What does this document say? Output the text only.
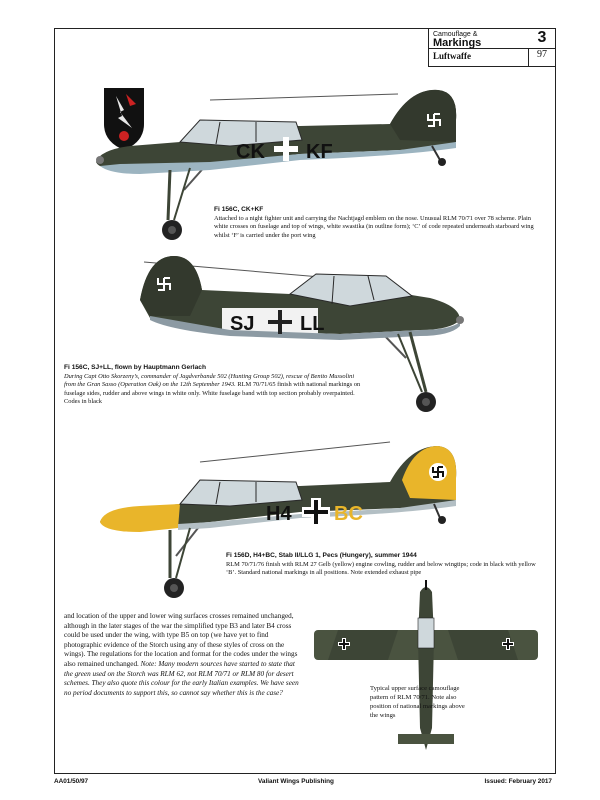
Camouflage &
Markings	3
Luftwaffe	97
CK KF
Fi 156C, CK+KF
Attached to a night fighter unit and carrying the Nachtjagd emblem on the nose. Unusual RLM 70/71 over 78 scheme. Plain white crosses on fuselage and top of wings, white swastika (in outline form); ‘C’ of code repeated underneath starboard wing whilst ‘F’ is carried under the port wing
SJ LL
Fi 156C, SJ+LL, flown by Hauptmann Gerlach
During Capt Otto Skorzeny’s, commander of Jagdverbande 502 (Hunting Group 502), rescue of Benito Mussolini from the Gran Sasso (Operation Oak) on the 12th September 1943. RLM 70/71/65 finish with national markings on fuselage sides, rudder and above wings in white only. White fuselage band with top section probably overpainted. Codes in black
H4 BC
Fi 156D, H4+BC, Stab II/LLG 1, Pecs (Hungery), summer 1944
RLM 70/71/76 finish with RLM 27 Gelb (yellow) engine cowling, rudder and below wingtips; code in black with yellow ‘B’. Standard national markings in all positions. Note extended exhaust pipe
and location of the upper and lower wing surfaces crosses remained unchanged, although in the later stages of the war the simplified type B3 and later B4 cross could be used under the wing, with type B5 on top (we have yet to find photographic evidence of the Storch using any of these styles of cross on the wings). The regulations for the location and format for the codes under the wings also remained unchanged. Note: Many modern sources have started to state that the green used on the Storch was RLM 62, not RLM 70/71 or RLM 80 for desert schemes. They also quote this colour for the early Italian examples. We have seen no period documents to support this, so cannot say whether this is the case?
Typical upper surface camouflage pattern of RLM 70/71. Note also position of national markings above the wings
AA01/50/97	Valiant Wings Publishing	Issued: February 2017
